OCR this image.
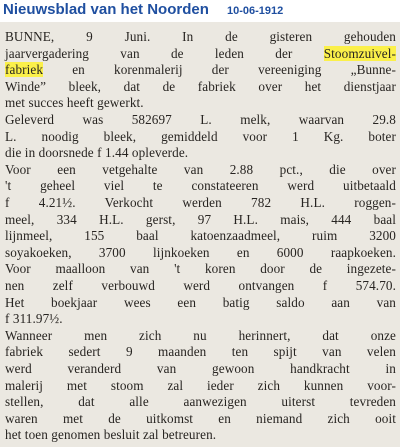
Nieuwsblad van het Noorden 10-06-1912
BUNNE, 9 Juni. In de gisteren gehouden
jaarvergadering van de leden der Stoomzuivel-
fabriek en korenmalerij der vereeniging „Bunne-
Winde” bleek, dat de fabriek over het dienstjaar
met succes heeft gewerkt.
Geleverd was 582697 L. melk, waarvan 29.8
L. noodig bleek, gemiddeld voor 1 Kg. boter
die in doorsnede f 1.44 opleverde.
Voor een vetgehalte van 2.88 pct., die over
't geheel viel te constateeren werd uitbetaald
f 4.21½. Verkocht werden 782 H.L. roggen-
meel, 334 H.L. gerst, 97 H.L. mais, 444 baal
lijnmeel, 155 baal katoenzaadmeel, ruim 3200
soyakoeken, 3700 lijnkoeken en 6000 raapkoeken.
Voor maalloon van 't koren door de ingezete-
nen zelf verbouwd werd ontvangen f 574.70.
Het boekjaar wees een batig saldo aan van
f 311.97½.
Wanneer men zich nu herinnert, dat onze
fabriek sedert 9 maanden ten spijt van velen
werd veranderd van gewoon handkracht in
malerij met stoom zal ieder zich kunnen voor-
stellen, dat alle aanwezigen uiterst tevreden
waren met de uitkomst en niemand zich ooit
het toen genomen besluit zal betreuren.
